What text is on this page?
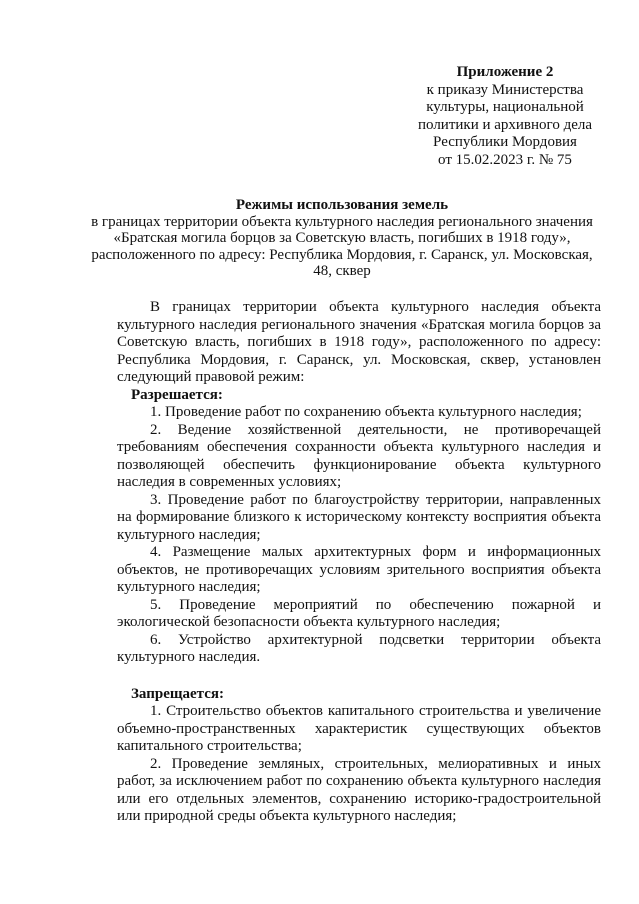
Приложение 2
к приказу Министерства
культуры, национальной
политики и архивного дела
Республики Мордовия
от 15.02.2023 г. № 75
Режимы использования земель
в границах территории объекта культурного наследия регионального значения «Братская могила борцов за Советскую власть, погибших в 1918 году», расположенного по адресу: Республика Мордовия, г. Саранск, ул. Московская, 48, сквер

В границах территории объекта культурного наследия объекта культурного наследия регионального значения «Братская могила борцов за Советскую власть, погибших в 1918 году», расположенного по адресу: Республика Мордовия, г. Саранск, ул. Московская, сквер, установлен следующий правовой режим:

Разрешается:

1. Проведение работ по сохранению объекта культурного наследия;

2. Ведение хозяйственной деятельности, не противоречащей требованиям обеспечения сохранности объекта культурного наследия и позволяющей обеспечить функционирование объекта культурного наследия в современных условиях;

3. Проведение работ по благоустройству территории, направленных на формирование близкого к историческому контексту восприятия объекта культурного наследия;

4. Размещение малых архитектурных форм и информационных объектов, не противоречащих условиям зрительного восприятия объекта культурного наследия;

5. Проведение мероприятий по обеспечению пожарной и экологической безопасности объекта культурного наследия;

6. Устройство архитектурной подсветки территории объекта культурного наследия.

Запрещается:

1. Строительство объектов капитального строительства и увеличение объемно-пространственных характеристик существующих объектов капитального строительства;

2. Проведение земляных, строительных, мелиоративных и иных работ, за исключением работ по сохранению объекта культурного наследия или его отдельных элементов, сохранению историко-градостроительной или природной среды объекта культурного наследия;
